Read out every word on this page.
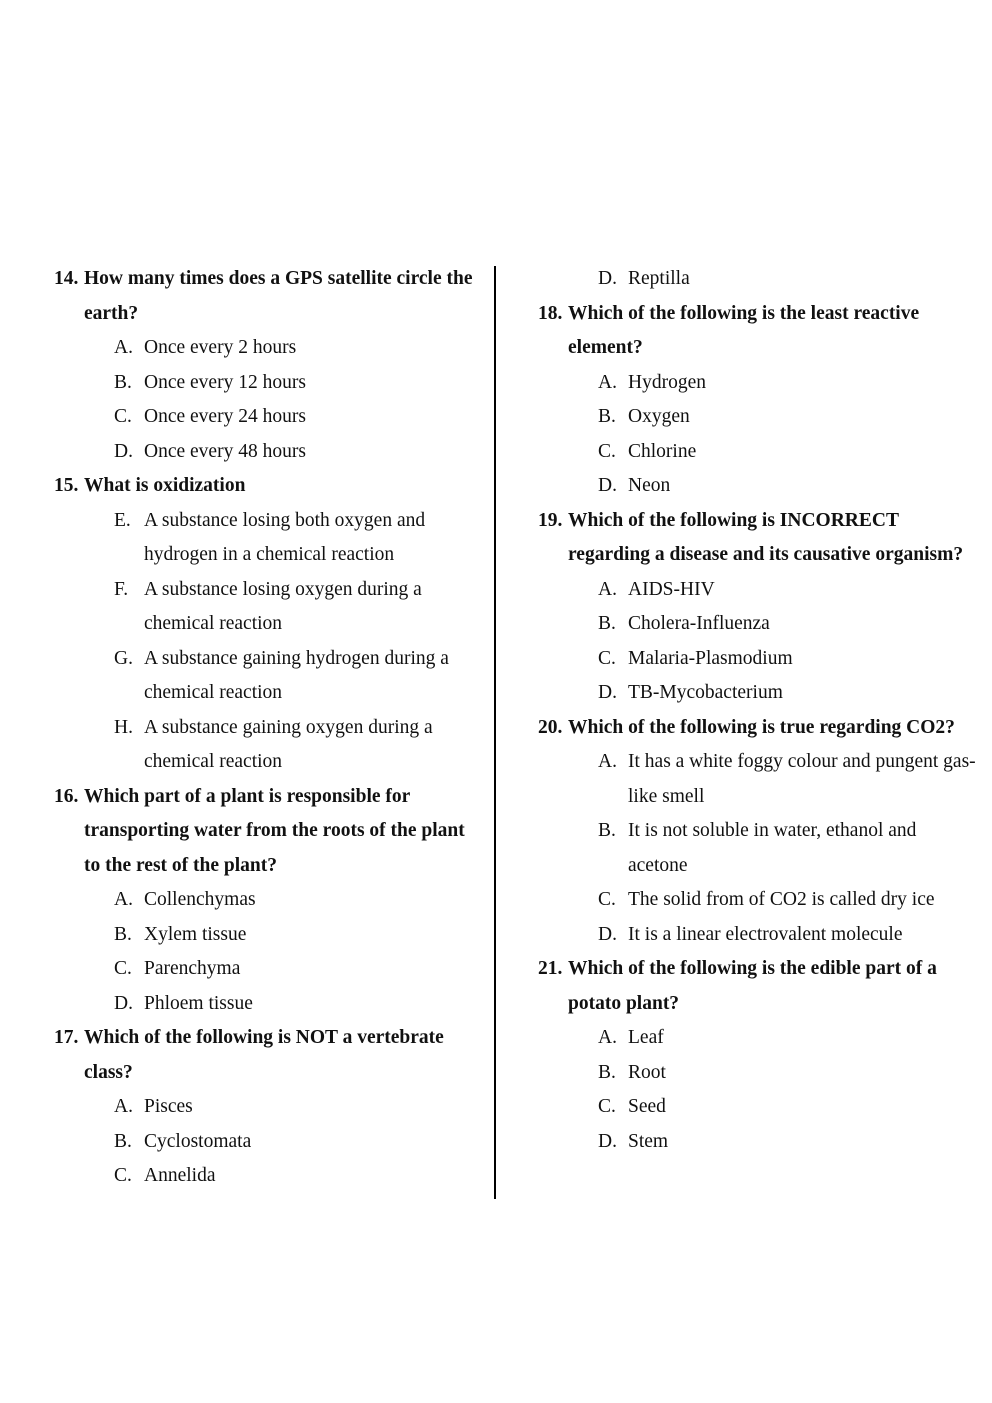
14. How many times does a GPS satellite circle the earth?
A. Once every 2 hours
B. Once every 12 hours
C. Once every 24 hours
D. Once every 48 hours
15. What is oxidization
E. A substance losing both oxygen and hydrogen in a chemical reaction
F. A substance losing oxygen during a chemical reaction
G. A substance gaining hydrogen during a chemical reaction
H. A substance gaining oxygen during a chemical reaction
16. Which part of a plant is responsible for transporting water from the roots of the plant to the rest of the plant?
A. Collenchymas
B. Xylem tissue
C. Parenchyma
D. Phloem tissue
17. Which of the following is NOT a vertebrate class?
A. Pisces
B. Cyclostomata
C. Annelida
D. Reptilla
18. Which of the following is the least reactive element?
A. Hydrogen
B. Oxygen
C. Chlorine
D. Neon
19. Which of the following is INCORRECT regarding a disease and its causative organism?
A. AIDS-HIV
B. Cholera-Influenza
C. Malaria-Plasmodium
D. TB-Mycobacterium
20. Which of the following is true regarding CO2?
A. It has a white foggy colour and pungent gas-like smell
B. It is not soluble in water, ethanol and acetone
C. The solid from of CO2 is called dry ice
D. It is a linear electrovalent molecule
21. Which of the following is the edible part of a potato plant?
A. Leaf
B. Root
C. Seed
D. Stem
